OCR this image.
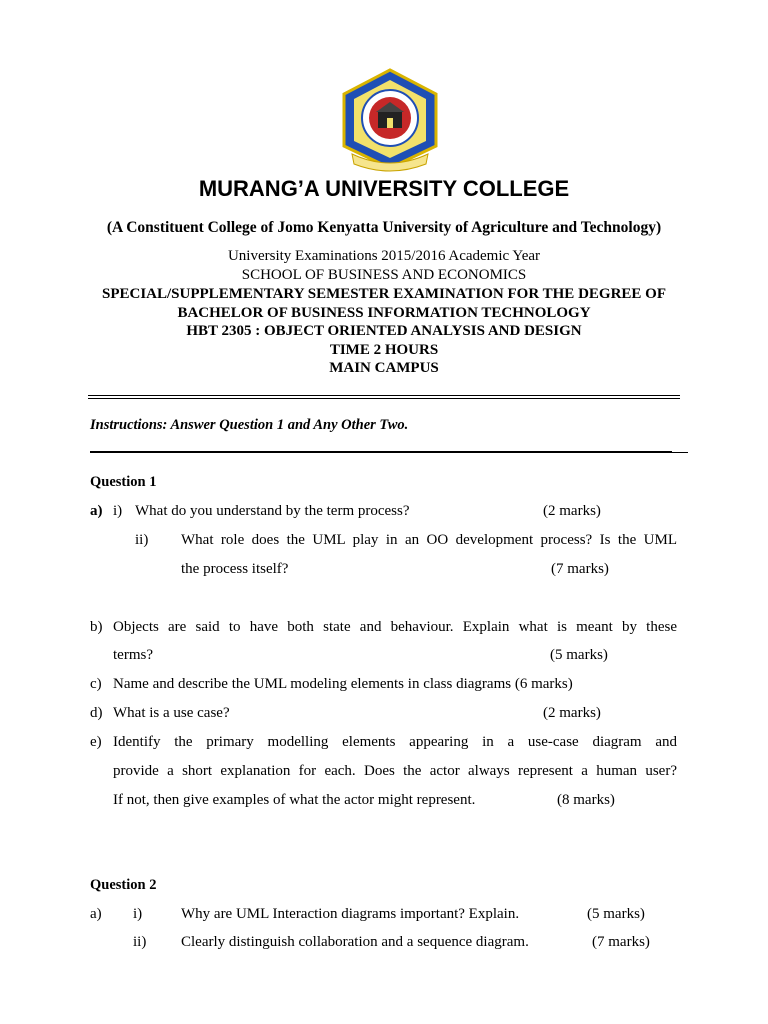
MURANG’A UNIVERSITY COLLEGE
(A Constituent College of Jomo Kenyatta University of Agriculture and Technology)
University Examinations 2015/2016 Academic Year
SCHOOL OF BUSINESS AND ECONOMICS
SPECIAL/SUPPLEMENTARY SEMESTER EXAMINATION FOR THE DEGREE OF
BACHELOR OF BUSINESS INFORMATION TECHNOLOGY
HBT 2305 : OBJECT ORIENTED ANALYSIS AND DESIGN
TIME 2 HOURS
MAIN CAMPUS
Instructions: Answer Question 1 and Any Other Two.
Question 1
a) i) What do you understand by the term process?	(2 marks)
ii) What role does the UML play in an OO development process? Is the UML
the process itself?	(7 marks)
b) Objects are said to have both state and behaviour. Explain what is meant by these
terms?	(5 marks)
c) Name and describe the UML modeling elements in class diagrams (6 marks)
d) What is a use case?	(2 marks)
e) Identify the primary modelling elements appearing in a use-case diagram and
provide a short explanation for each. Does the actor always represent a human user?
If not, then give examples of what the actor might represent.	(8 marks)
Question 2
a) i)	Why are UML Interaction diagrams important? Explain.	(5 marks)
ii) Clearly distinguish collaboration and a sequence diagram.	(7 marks)
